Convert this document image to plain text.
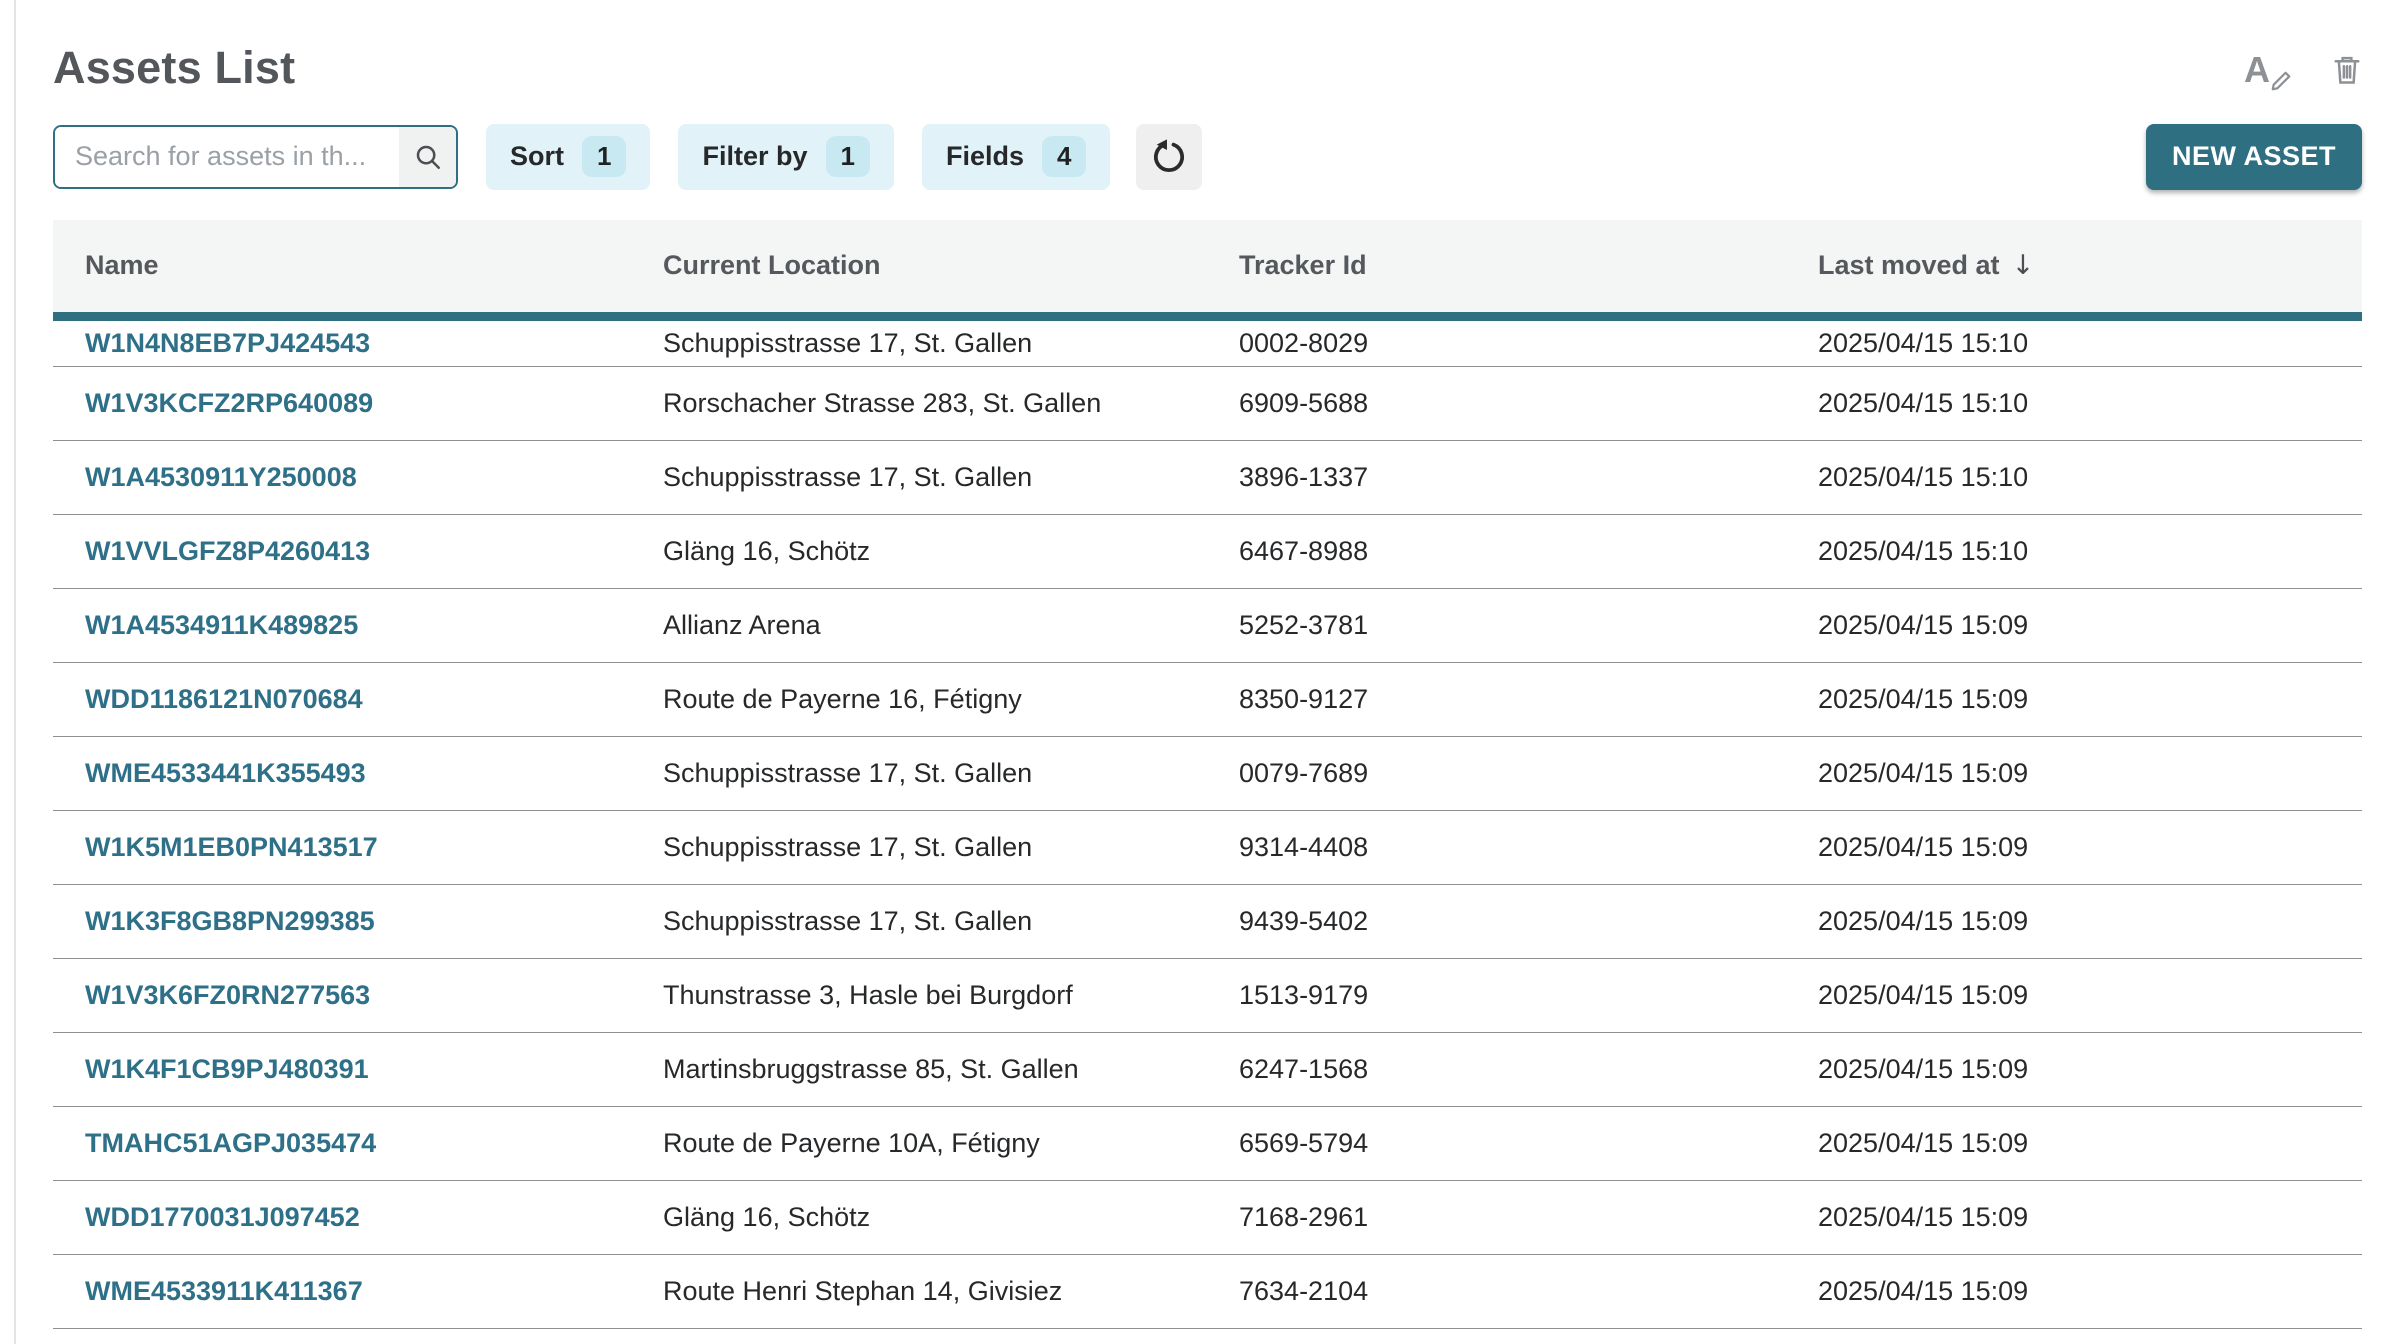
A
Assets List
Search for assets in th...
Sort	1	Filter by	1	Fields	4	NEW ASSET
Name	Current Location	Tracker Id	Last moved at ↓
W1N4N8EB7PJ424543	Schuppisstrasse 17, St. Gallen	0002-8029	2025/04/15 15:10
W1V3KCFZ2RP640089	Rorschacher Strasse 283, St. Gallen	6909-5688	2025/04/15 15:10
W1A4530911Y250008	Schuppisstrasse 17, St. Gallen	3896-1337	2025/04/15 15:10
W1VVLGFZ8P4260413	Gläng 16, Schötz	6467-8988	2025/04/15 15:10
W1A4534911K489825	Allianz Arena	5252-3781	2025/04/15 15:09
WDD1186121N070684	Route de Payerne 16, Fétigny	8350-9127	2025/04/15 15:09
WME4533441K355493	Schuppisstrasse 17, St. Gallen	0079-7689	2025/04/15 15:09
W1K5M1EB0PN413517	Schuppisstrasse 17, St. Gallen	9314-4408	2025/04/15 15:09
W1K3F8GB8PN299385	Schuppisstrasse 17, St. Gallen	9439-5402	2025/04/15 15:09
W1V3K6FZ0RN277563	Thunstrasse 3, Hasle bei Burgdorf	1513-9179	2025/04/15 15:09
W1K4F1CB9PJ480391	Martinsbruggstrasse 85, St. Gallen	6247-1568	2025/04/15 15:09
TMAHC51AGPJ035474	Route de Payerne 10A, Fétigny	6569-5794	2025/04/15 15:09
WDD1770031J097452	Gläng 16, Schötz	7168-2961	2025/04/15 15:09
WME4533911K411367	Route Henri Stephan 14, Givisiez	7634-2104	2025/04/15 15:09
